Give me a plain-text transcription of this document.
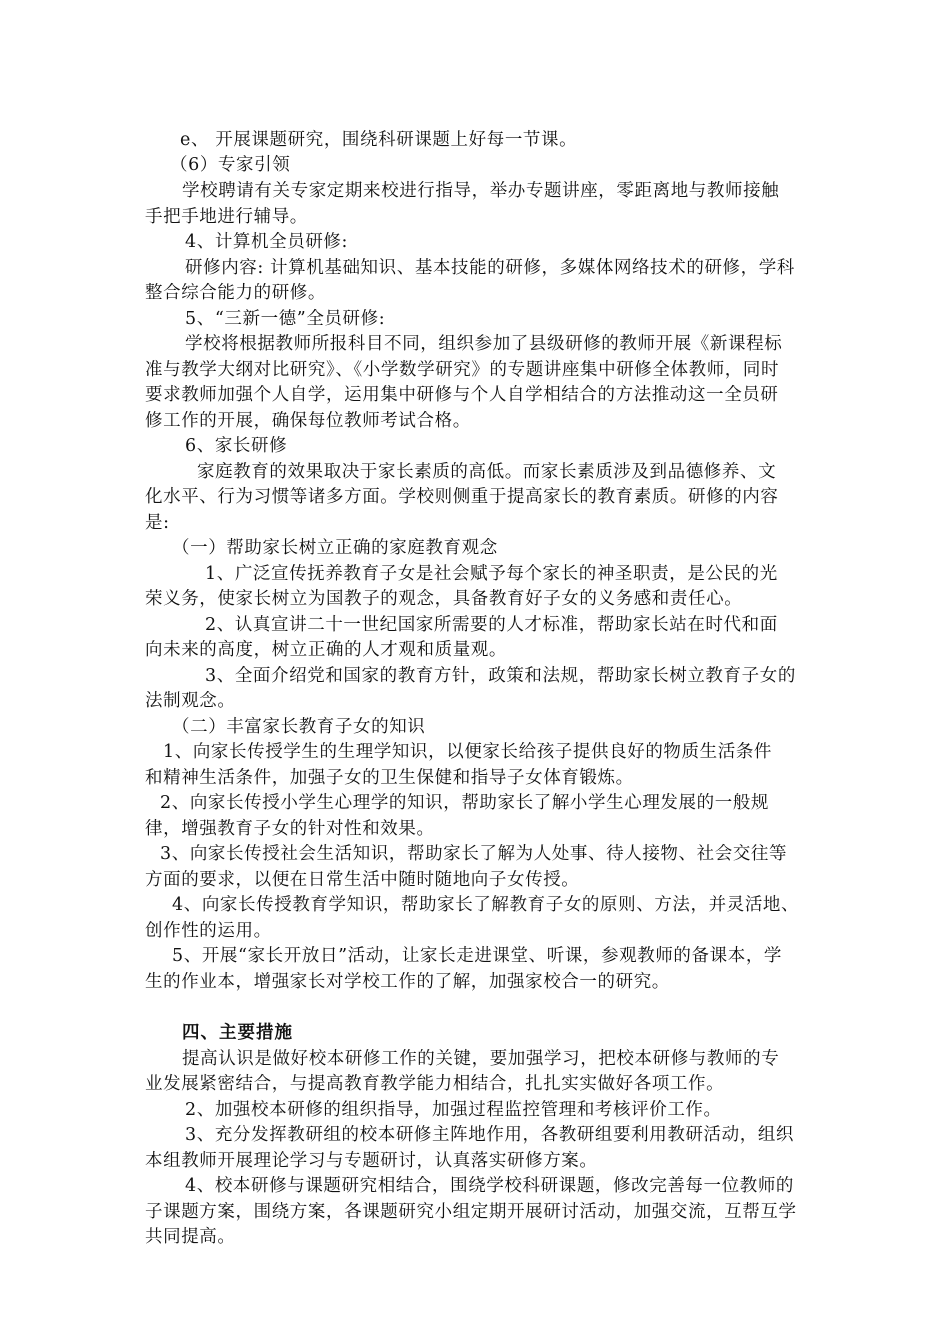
e、 开展课题研究，围绕科研课题上好每一节课。
（6）专家引领
学校聘请有关专家定期来校进行指导，举办专题讲座，零距离地与教师接触
手把手地进行辅导。
4、计算机全员研修:
研修内容: 计算机基础知识、基本技能的研修，多媒体网络技术的研修，学科
整合综合能力的研修。
5、“三新一德”全员研修:
学校将根据教师所报科目不同，组织参加了县级研修的教师开展《新课程标
准与教学大纲对比研究》、《小学数学研究》的专题讲座集中研修全体教师，同时
要求教师加强个人自学，运用集中研修与个人自学相结合的方法推动这一全员研
修工作的开展，确保每位教师考试合格。
6、家长研修
家庭教育的效果取决于家长素质的高低。而家长素质涉及到品德修养、文
化水平、行为习惯等诸多方面。学校则侧重于提高家长的教育素质。研修的内容
是:
（一）帮助家长树立正确的家庭教育观念
1、广泛宣传抚养教育子女是社会赋予每个家长的神圣职责，是公民的光
荣义务，使家长树立为国教子的观念，具备教育好子女的义务感和责任心。
2、认真宣讲二十一世纪国家所需要的人才标准，帮助家长站在时代和面
向未来的高度，树立正确的人才观和质量观。
3、全面介绍党和国家的教育方针，政策和法规，帮助家长树立教育子女的
法制观念。
（二）丰富家长教育子女的知识
1、向家长传授学生的生理学知识，以便家长给孩子提供良好的物质生活条件
和精神生活条件，加强子女的卫生保健和指导子女体育锻炼。
2、向家长传授小学生心理学的知识，帮助家长了解小学生心理发展的一般规
律，增强教育子女的针对性和效果。
3、向家长传授社会生活知识，帮助家长了解为人处事、待人接物、社会交往等
方面的要求，以便在日常生活中随时随地向子女传授。
4、向家长传授教育学知识，帮助家长了解教育子女的原则、方法，并灵活地、
创作性的运用。
5、开展“家长开放日”活动，让家长走进课堂、听课，参观教师的备课本，学
生的作业本，增强家长对学校工作的了解，加强家校合一的研究。
四、主要措施
提高认识是做好校本研修工作的关键，要加强学习，把校本研修与教师的专
业发展紧密结合，与提高教育教学能力相结合，扎扎实实做好各项工作。
2、加强校本研修的组织指导，加强过程监控管理和考核评价工作。
3、充分发挥教研组的校本研修主阵地作用，各教研组要利用教研活动，组织
本组教师开展理论学习与专题研讨，认真落实研修方案。
4、校本研修与课题研究相结合，围绕学校科研课题，修改完善每一位教师的
子课题方案，围绕方案，各课题研究小组定期开展研讨活动，加强交流，互帮互学
共同提高。
